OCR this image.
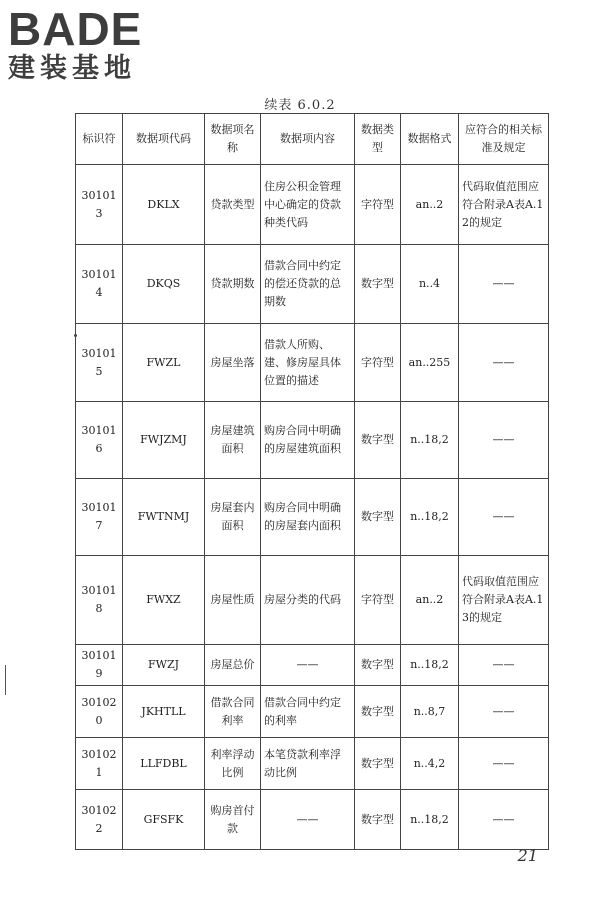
BADE
建装基地
续表 6.0.2
标识符	数据项代码	数据项名称	数据项内容	数据类型	数据格式	应符合的相关标准及规定
301013	DKLX	贷款类型	住房公积金管理中心确定的贷款种类代码	字符型	an..2	代码取值范围应符合附录A表A.12的规定
301014	DKQS	贷款期数	借款合同中约定的偿还贷款的总期数	数字型	n..4	——
301015	FWZL	房屋坐落	借款人所购、建、修房屋具体位置的描述	字符型	an..255	——
301016	FWJZMJ	房屋建筑面积	购房合同中明确的房屋建筑面积	数字型	n..18,2	——
301017	FWTNMJ	房屋套内面积	购房合同中明确的房屋套内面积	数字型	n..18,2	——
301018	FWXZ	房屋性质	房屋分类的代码	字符型	an..2	代码取值范围应符合附录A表A.13的规定
301019	FWZJ	房屋总价	——	数字型	n..18,2	——
301020	JKHTLL	借款合同利率	借款合同中约定的利率	数字型	n..8,7	——
301021	LLFDBL	利率浮动比例	本笔贷款利率浮动比例	数字型	n..4,2	——
301022	GFSFK	购房首付款	——	数字型	n..18,2	——
21
